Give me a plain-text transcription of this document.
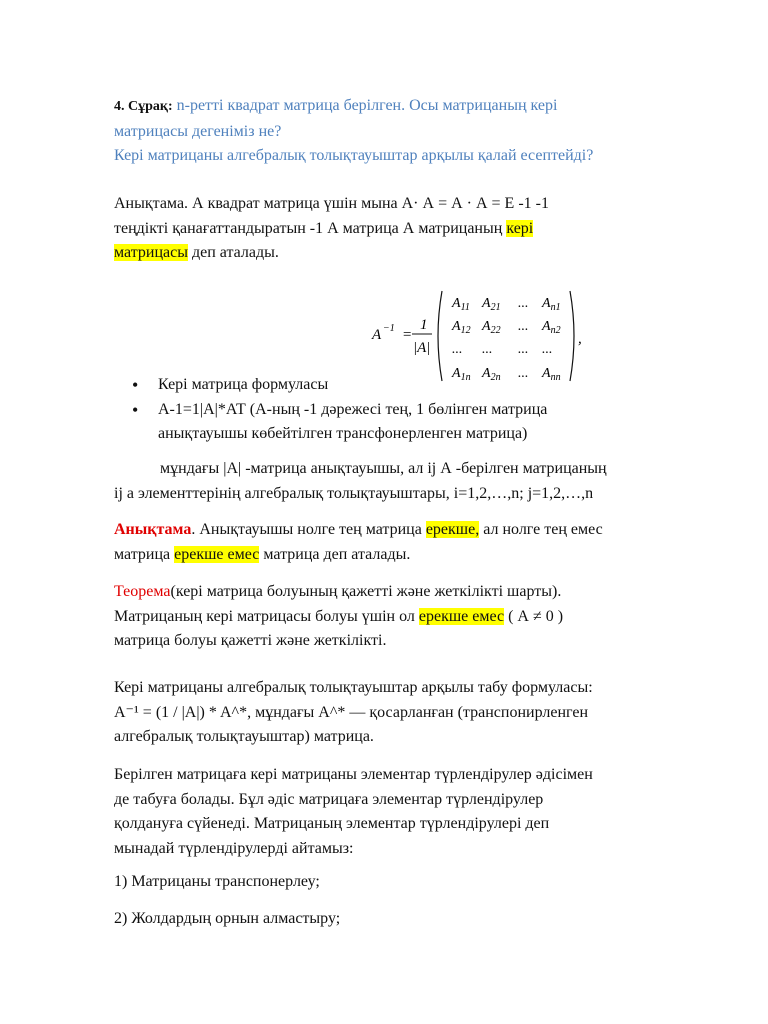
4. Сұрақ: n-ретті квадрат матрица берілген. Осы матрицаның кері
матрицасы дегеніміз не?
Кері матрицаны алгебралық толықтауыштар арқылы қалай есептейді?
Анықтама. А квадрат матрица үшін мына А· А = А · А = Е -1 -1
теңдікті қанағаттандыратын -1 А матрица А матрицаның кері
матрицасы деп аталады.
A −1 =
1
|A|
$A_{11}$ $A_{21}$ ... $A_{n1}$
$A_{12}$ $A_{22}$ ... $A_{n2}$
... ... ... ...
$A_{1n}$ $A_{2n}$ ... $A_{nn}$
,
• Кері матрица формуласы
• А-1=1|А|*АТ (А-ның -1 дәрежесі тең, 1 бөлінген матрица
анықтауышы көбейтілген трансфонерленген матрица)
мұндағы |А| -матрица анықтауышы, ал іj А -берілген матрицаның
іj а элементтерінің алгебралық толықтауыштары, і=1,2,…,n; j=1,2,…,n
Анықтама. Анықтауышы нолге тең матрица ерекше, ал нолге тең емес
матрица ерекше емес матрица деп аталады.
Теорема(кері матрица болуының қажетті және жеткілікті шарты).
Матрицаның кері матрицасы болуы үшін ол ерекше емес ( А ≠ 0 )
матрица болуы қажетті және жеткілікті.
Кері матрицаны алгебралық толықтауыштар арқылы табу формуласы:
A⁻¹ = (1 / |A|) * A^*, мұндағы A^* — қосарланған (транспонирленген
алгебралық толықтауыштар) матрица.
Берілген матрицаға кері матрицаны элементар түрлендірулер әдісімен
де табуға болады. Бұл әдіс матрицаға элементар түрлендірулер
қолдануға сүйенеді. Матрицаның элементар түрлендірулері деп
мынадай түрлендірулерді айтамыз:
1) Матрицаны транспонерлеу;
2) Жолдардың орнын алмастыру;
